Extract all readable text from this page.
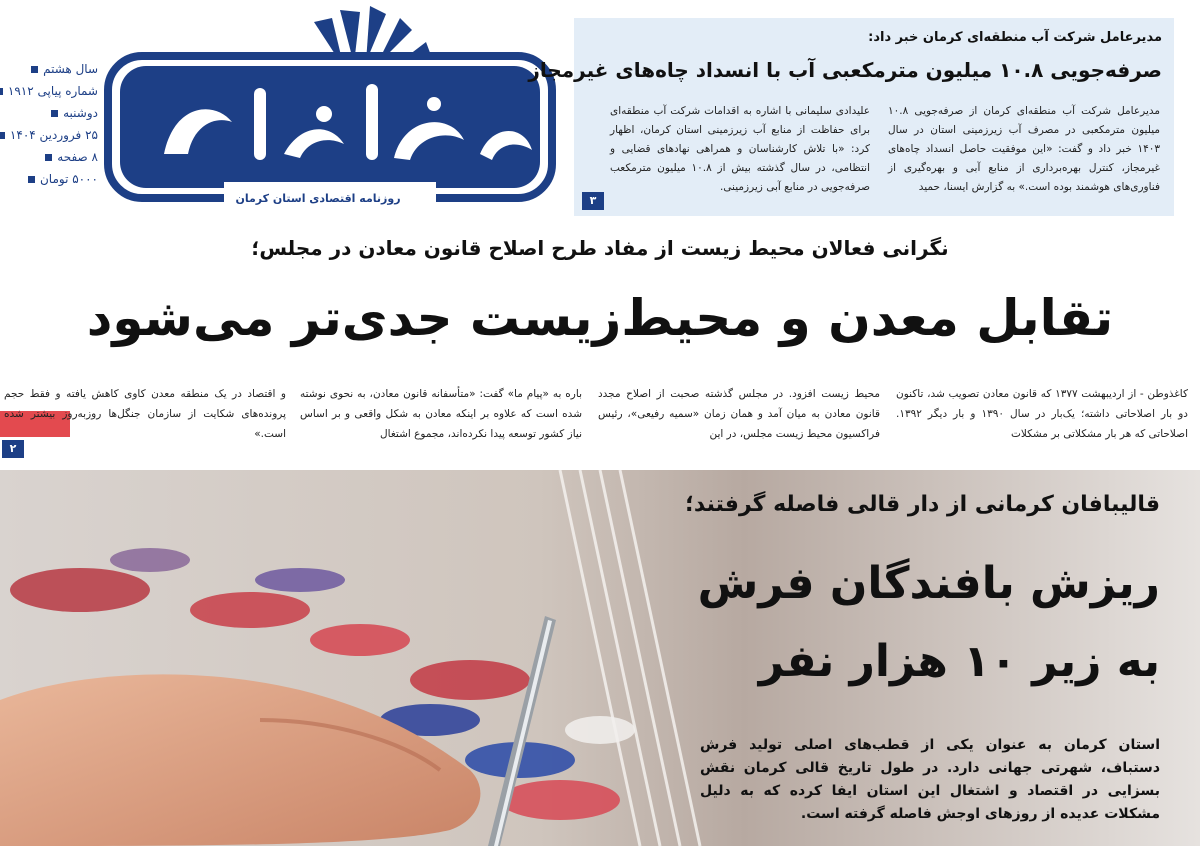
سال هشتم
شماره پیاپی ۱۹۱۲
دوشنبه
۲۵ فروردین ۱۴۰۴
۸ صفحه
۵۰۰۰ تومان
روزنامه اقتصادی استان کرمان
مدیرعامل شرکت آب منطقه‌ای کرمان خبر داد:
صرفه‌جویی ۱۰.۸ میلیون مترمکعبی آب با انسداد چاه‌های غیرمجاز

مدیرعامل شرکت آب منطقه‌ای کرمان از صرفه‌جویی ۱۰.۸ میلیون مترمکعبی در مصرف آب زیرزمینی استان در سال ۱۴۰۳ خبر داد و گفت: «این موفقیت حاصل انسداد چاه‌های غیرمجاز، کنترل بهره‌برداری از منابع آبی و بهره‌گیری از فناوری‌های هوشمند بوده است.» به گزارش ایسنا، حمید

علیدادی سلیمانی با اشاره به اقدامات شرکت آب منطقه‌ای برای حفاظت از منابع آب زیرزمینی استان کرمان، اظهار کرد: «با تلاش کارشناسان و همراهی نهادهای قضایی و انتظامی، در سال گذشته بیش از ۱۰.۸ میلیون مترمکعب صرفه‌جویی در منابع آبی زیرزمینی.

۳
نگرانی فعالان محیط زیست از مفاد طرح اصلاح قانون معادن در مجلس؛
تقابل معدن و محیط‌زیست جدی‌تر می‌شود

کاغذوطن - از اردیبهشت ۱۳۷۷ که قانون معادن تصویب شد، تاکنون دو بار اصلاحاتی داشته؛ یک‌بار در سال ۱۳۹۰ و بار دیگر ۱۳۹۲. اصلاحاتی که هر بار مشکلاتی بر مشکلات

محیط زیست افزود. در مجلس گذشته صحبت از اصلاح مجدد قانون معادن به میان آمد و همان زمان «سمیه رفیعی»، رئیس فراکسیون محیط زیست مجلس، در این

باره به «پیام ما» گفت: «متأسفانه قانون معادن، به نحوی نوشته شده است که علاوه بر اینکه معادن به شکل واقعی و بر اساس نیاز کشور توسعه پیدا نکرده‌اند، مجموع اشتغال

و اقتصاد در یک منطقه معدن کاوی کاهش یافته و فقط حجم پرونده‌های شکایت از سازمان جنگل‌ها روزبه‌روز بیشتر شده است.»

۲
قالیبافان کرمانی از دار قالی فاصله گرفتند؛
ریزش بافندگان فرش
به زیر ۱۰ هزار نفر

استان کرمان به عنوان یکی از قطب‌های اصلی تولید فرش دستباف، شهرتی جهانی دارد. در طول تاریخ قالی کرمان نقش بسزایی در اقتصاد و اشتغال این استان ایفا کرده که به دلیل مشکلات عدیده از روزهای اوجش فاصله گرفته است.
